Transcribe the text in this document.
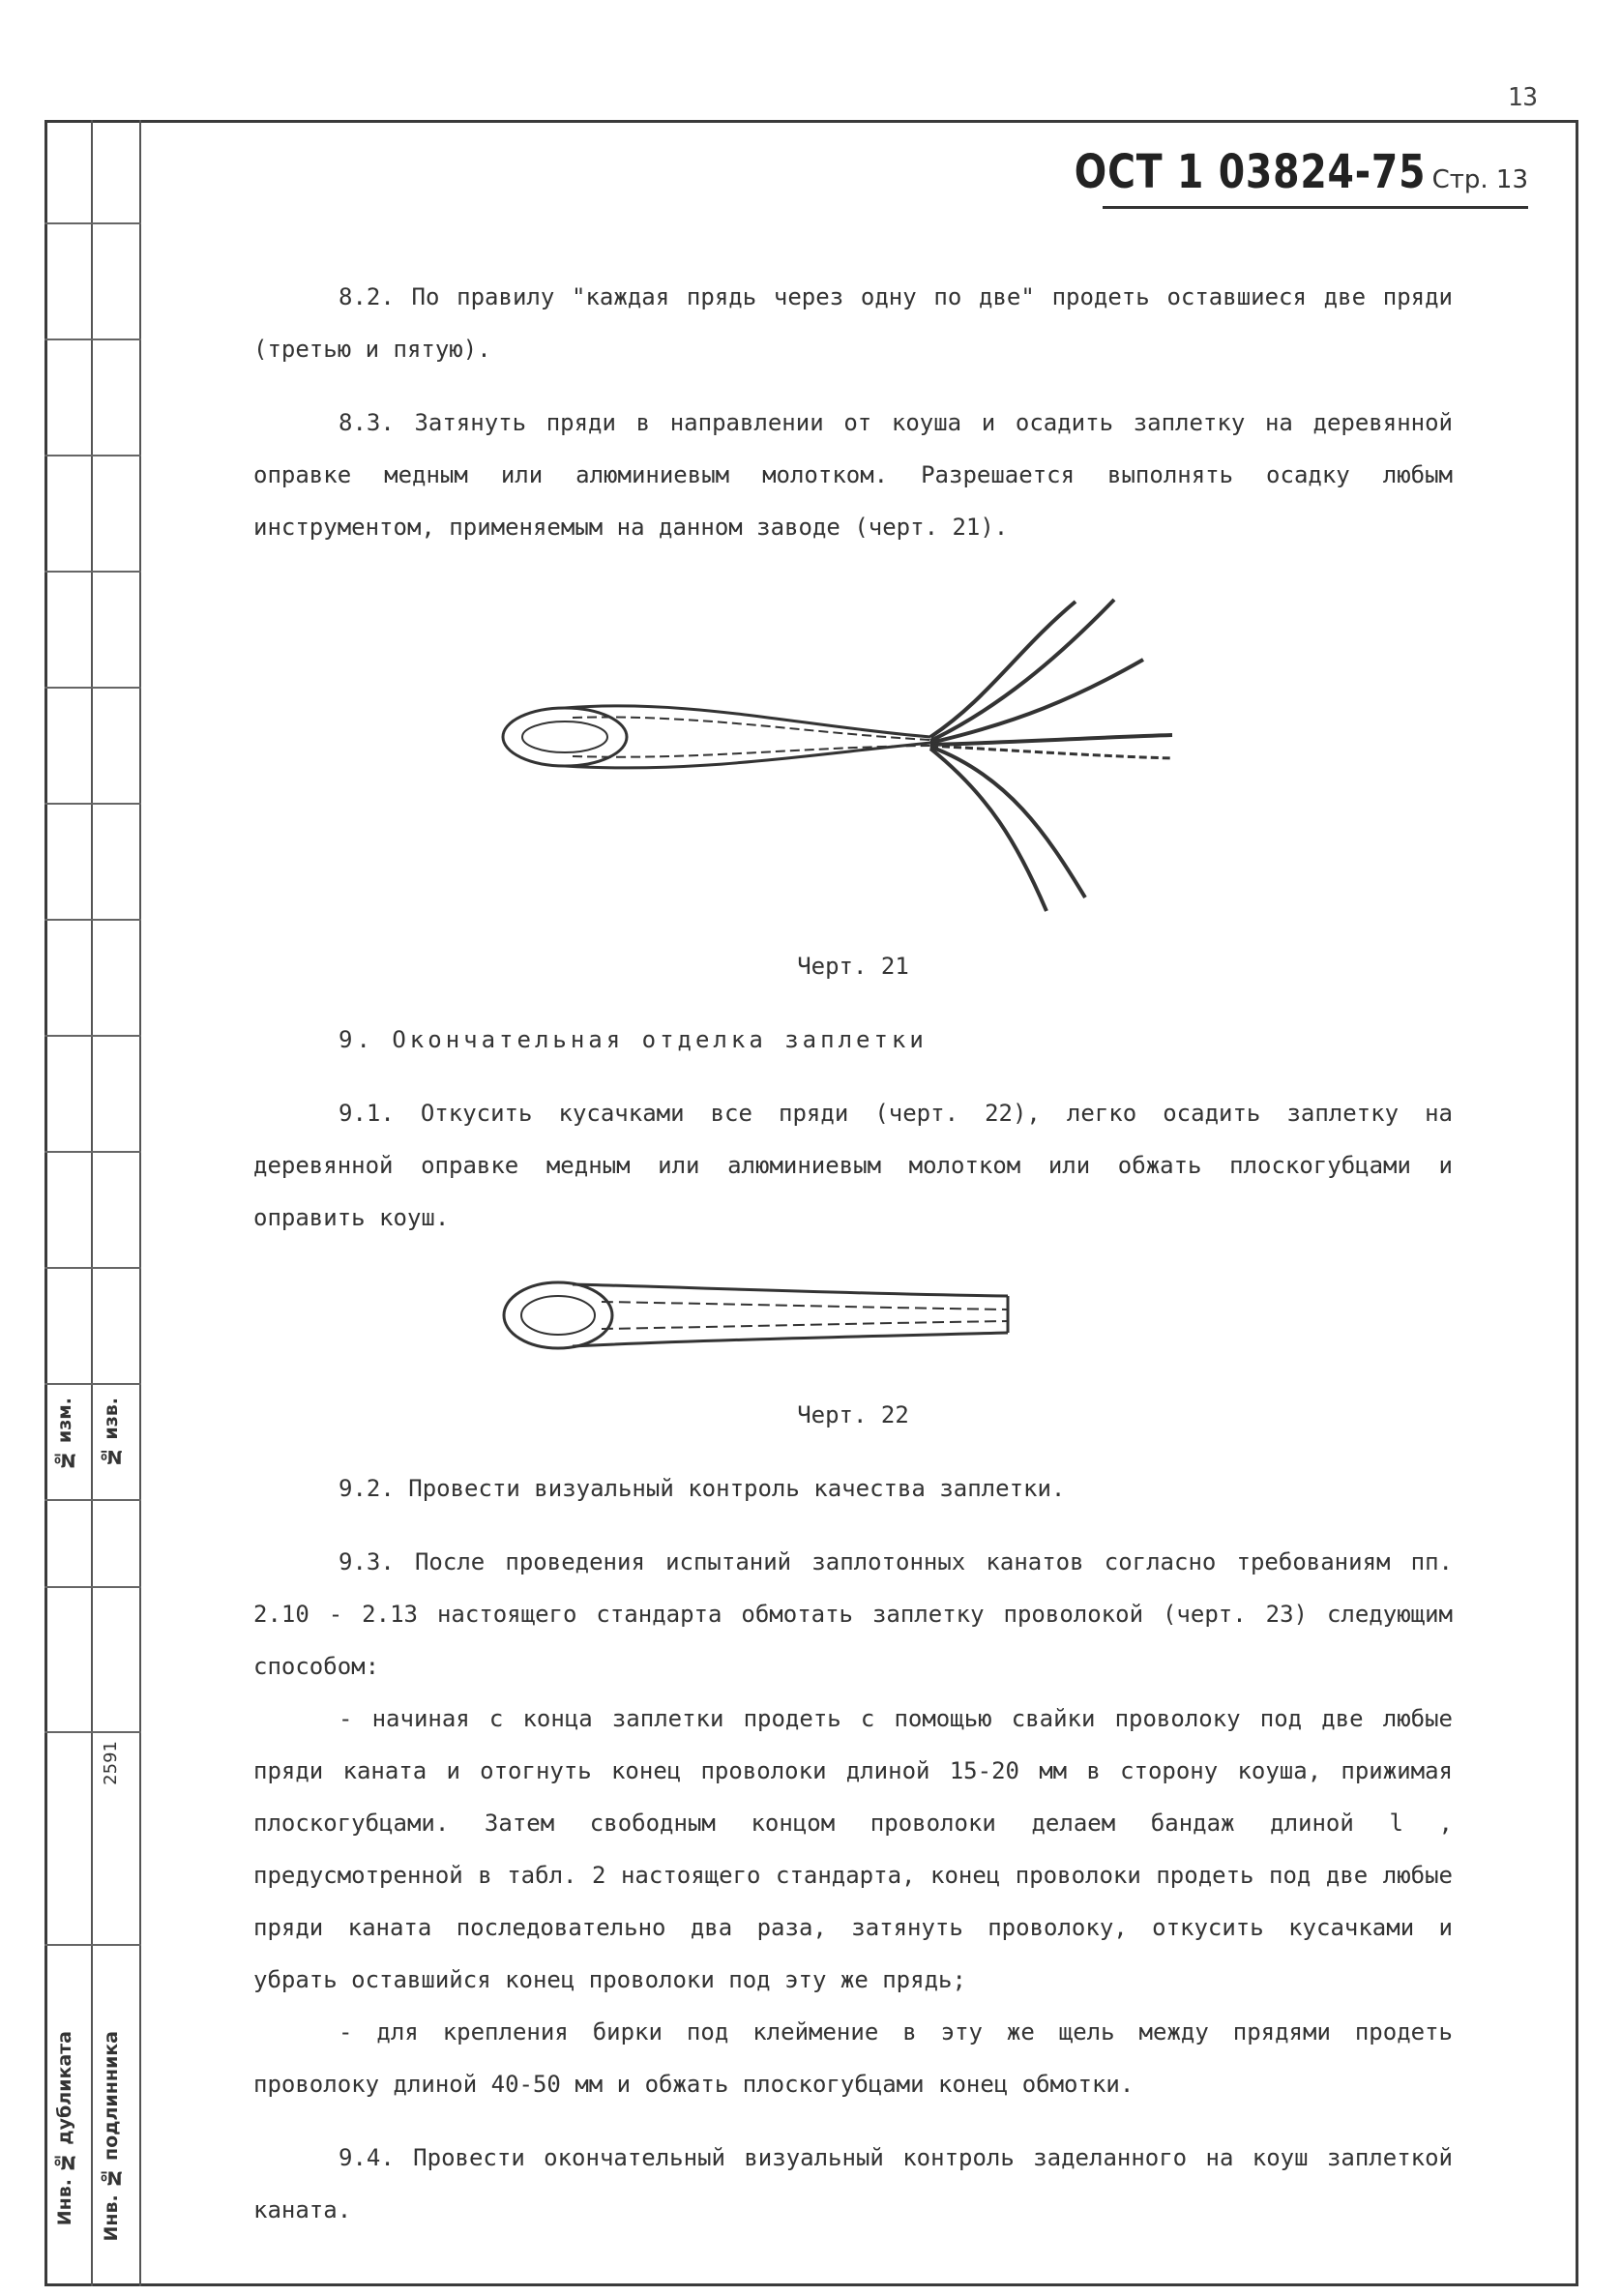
13
№ изм. № изв.
2591
Инв. № дубликата Инв. № подлинника
ОСТ 1 03824-75 Стр. 13

8.2. По правилу "каждая прядь через одну по две" продеть оставшиеся две пряди (третью и пятую).

8.3. Затянуть пряди в направлении от коуша и осадить заплетку на деревянной оправке медным или алюминиевым молотком. Разрешается выполнять осадку любым инструментом, применяемым на данном заводе (черт. 21).

Черт. 21

9. Окончательная отделка заплетки

9.1. Откусить кусачками все пряди (черт. 22), легко осадить заплетку на деревянной оправке медным или алюминиевым молотком или обжать плоскогубцами и оправить коуш.

Черт. 22

9.2. Провести визуальный контроль качества заплетки.

9.3. После проведения испытаний заплотонных канатов согласно требованиям пп. 2.10 - 2.13 настоящего стандарта обмотать заплетку проволокой (черт. 23) следующим способом:

- начиная с конца заплетки продеть с помощью свайки проволоку под две любые пряди каната и отогнуть конец проволоки длиной 15-20 мм в сторону коуша, прижимая плоскогубцами. Затем свободным концом проволоки делаем бандаж длиной l , предусмотренной в табл. 2 настоящего стандарта, конец проволоки продеть под две любые пряди каната последовательно два раза, затянуть проволоку, откусить кусачками и убрать оставшийся конец проволоки под эту же прядь;

- для крепления бирки под клеймение в эту же щель между прядями продеть проволоку длиной 40-50 мм и обжать плоскогубцами конец обмотки.

9.4. Провести окончательный визуальный контроль заделанного на коуш заплеткой каната.
